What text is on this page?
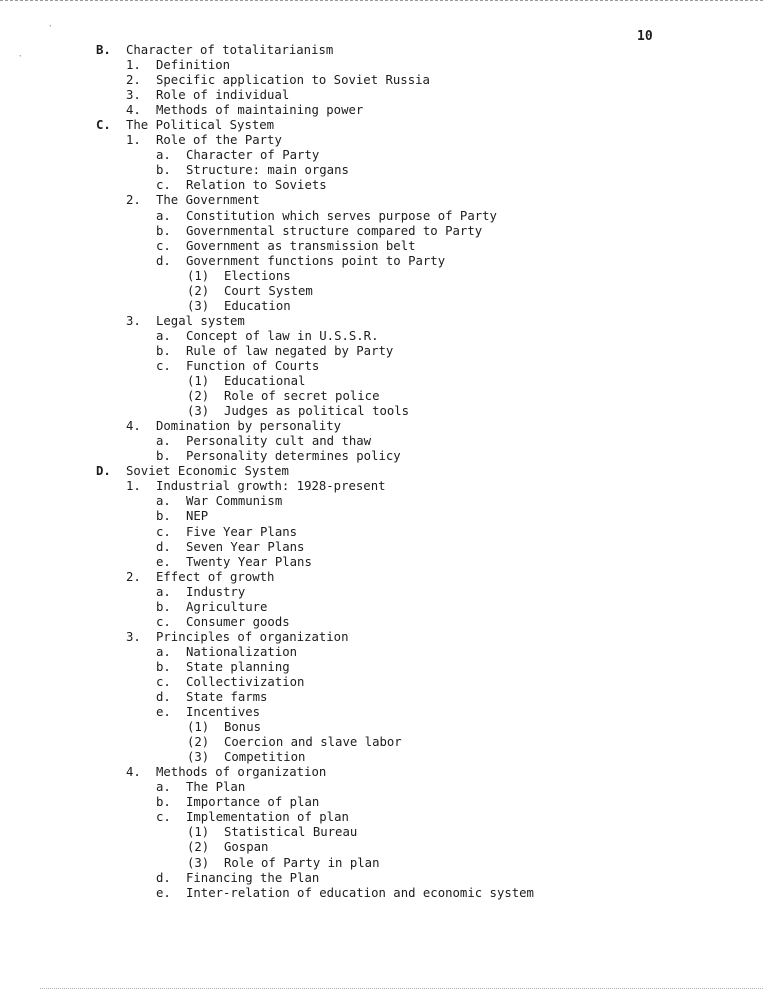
ˋ
ˋ
10
B. Character of totalitarianism
1. Definition
2. Specific application to Soviet Russia
3. Role of individual
4. Methods of maintaining power
C. The Political System
1. Role of the Party
a. Character of Party
b. Structure: main organs
c. Relation to Soviets
2. The Government
a. Constitution which serves purpose of Party
b. Governmental structure compared to Party
c. Government as transmission belt
d. Government functions point to Party
(1) Elections
(2) Court System
(3) Education
3. Legal system
a. Concept of law in U.S.S.R.
b. Rule of law negated by Party
c. Function of Courts
(1) Educational
(2) Role of secret police
(3) Judges as political tools
4. Domination by personality
a. Personality cult and thaw
b. Personality determines policy
D. Soviet Economic System
1. Industrial growth: 1928-present
a. War Communism
b. NEP
c. Five Year Plans
d. Seven Year Plans
e. Twenty Year Plans
2. Effect of growth
a. Industry
b. Agriculture
c. Consumer goods
3. Principles of organization
a. Nationalization
b. State planning
c. Collectivization
d. State farms
e. Incentives
(1) Bonus
(2) Coercion and slave labor
(3) Competition
4. Methods of organization
a. The Plan
b. Importance of plan
c. Implementation of plan
(1) Statistical Bureau
(2) Gospan
(3) Role of Party in plan
d. Financing the Plan
e. Inter-relation of education and economic system
